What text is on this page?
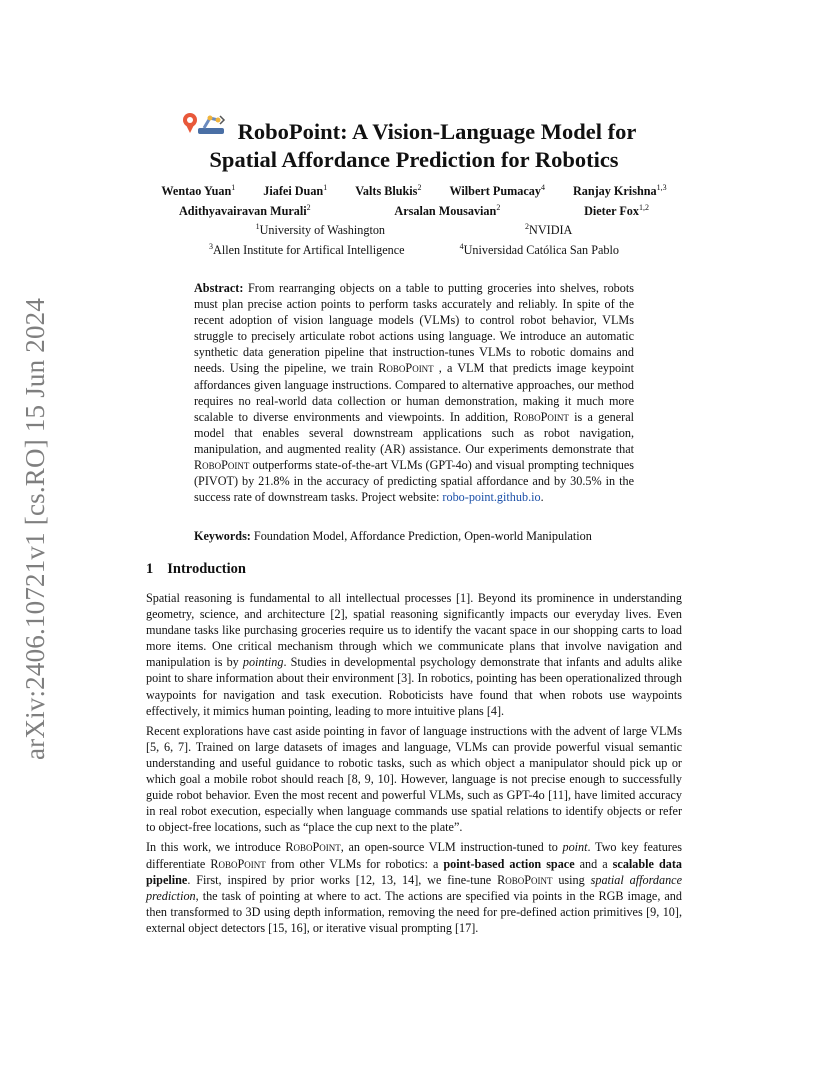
arXiv:2406.10721v1 [cs.RO] 15 Jun 2024
RoboPoint: A Vision-Language Model for
Spatial Affordance Prediction for Robotics
Wentao Yuan$^1$ Jiafei Duan$^1$ Valts Blukis$^2$ Wilbert Pumacay$^4$ Ranjay Krishna$^{1,3}$
Adithyavairavan Murali$^2$	Arsalan Mousavian$^2$	Dieter Fox$^{1,2}$
$^1$University of Washington	$^2$NVIDIA
$^3$Allen Institute for Artifical Intelligence	$^4$Universidad Católica San Pablo

Abstract: From rearranging objects on a table to putting groceries into shelves, robots must plan precise action points to perform tasks accurately and reliably. In spite of the recent adoption of vision language models (VLMs) to control robot behavior, VLMs struggle to precisely articulate robot actions using language. We introduce an automatic synthetic data generation pipeline that instruction-tunes VLMs to robotic domains and needs. Using the pipeline, we train RoboPoint , a VLM that predicts image keypoint affordances given language instructions. Compared to alternative approaches, our method requires no real-world data collection or human demonstration, making it much more scalable to diverse environments and viewpoints. In addition, RoboPoint is a general model that enables several downstream applications such as robot navigation, manipulation, and augmented reality (AR) assistance. Our experiments demonstrate that RoboPoint outperforms state-of-the-art VLMs (GPT-4o) and visual prompting techniques (PIVOT) by 21.8% in the accuracy of predicting spatial affordance and by 30.5% in the success rate of downstream tasks. Project website: robo-point.github.io.

Keywords: Foundation Model, Affordance Prediction, Open-world Manipulation
1 Introduction

Spatial reasoning is fundamental to all intellectual processes [1]. Beyond its prominence in understanding geometry, science, and architecture [2], spatial reasoning significantly impacts our everyday lives. Even mundane tasks like purchasing groceries require us to identify the vacant space in our shopping carts to load more items. One critical mechanism through which we communicate plans that involve navigation and manipulation is by pointing. Studies in developmental psychology demonstrate that infants and adults alike point to share information about their environment [3]. In robotics, pointing has been operationalized through waypoints for navigation and task execution. Roboticists have found that when robots use waypoints effectively, it mimics human pointing, leading to more intuitive plans [4].

Recent explorations have cast aside pointing in favor of language instructions with the advent of large VLMs [5, 6, 7]. Trained on large datasets of images and language, VLMs can provide powerful visual semantic understanding and useful guidance to robotic tasks, such as which object a manipulator should pick up or which goal a mobile robot should reach [8, 9, 10]. However, language is not precise enough to successfully guide robot behavior. Even the most recent and powerful VLMs, such as GPT-4o [11], have limited accuracy in real robot execution, especially when language commands use spatial relations to identify objects or refer to object-free locations, such as “place the cup next to the plate”.

In this work, we introduce RoboPoint, an open-source VLM instruction-tuned to point. Two key features differentiate RoboPoint from other VLMs for robotics: a point-based action space and a scalable data pipeline. First, inspired by prior works [12, 13, 14], we fine-tune RoboPoint using spatial affordance prediction, the task of pointing at where to act. The actions are specified via points in the RGB image, and then transformed to 3D using depth information, removing the need for pre-defined action primitives [9, 10], external object detectors [15, 16], or iterative visual prompting [17].
